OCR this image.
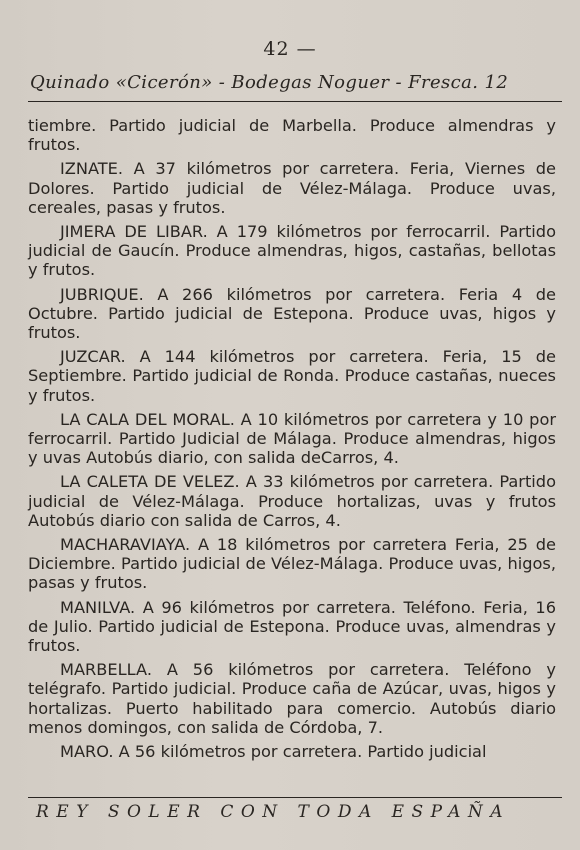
42 —
Quinado «Cicerón» - Bodegas Noguer - Fresca. 12

tiembre. Partido judicial de Marbella. Produce almendras y frutos.

IZNATE. A 37 kilómetros por carretera. Feria, Viernes de Dolores. Partido judicial de Vélez-Málaga. Produce uvas, cereales, pasas y frutos.

JIMERA DE LIBAR. A 179 kilómetros por ferrocarril. Partido judicial de Gaucín. Produce almendras, higos, castañas, bellotas y frutos.

JUBRIQUE. A 266 kilómetros por carretera. Feria 4 de Octubre. Partido judicial de Estepona. Produce uvas, higos y frutos.

JUZCAR. A 144 kilómetros por carretera. Feria, 15 de Septiembre. Partido judicial de Ronda. Produce castañas, nueces y frutos.

LA CALA DEL MORAL. A 10 kilómetros por carretera y 10 por ferrocarril. Partido Judicial de Málaga. Produce almendras, higos y uvas Autobús diario, con salida deCarros, 4.

LA CALETA DE VELEZ. A 33 kilómetros por carretera. Partido judicial de Vélez-Málaga. Produce hortalizas, uvas y frutos Autobús diario con salida de Carros, 4.

MACHARAVIAYA. A 18 kilómetros por carretera Feria, 25 de Diciembre. Partido judicial de Vélez-Málaga. Produce uvas, higos, pasas y frutos.

MANILVA. A 96 kilómetros por carretera. Teléfono. Feria, 16 de Julio. Partido judicial de Estepona. Produce uvas, almendras y frutos.

MARBELLA. A 56 kilómetros por carretera. Teléfono y telégrafo. Partido judicial. Produce caña de Azúcar, uvas, higos y hortalizas. Puerto habilitado para comercio. Autobús diario menos domingos, con salida de Córdoba, 7.

MARO. A 56 kilómetros por carretera. Partido judicial

REY SOLER CON TODA ESPAÑA
